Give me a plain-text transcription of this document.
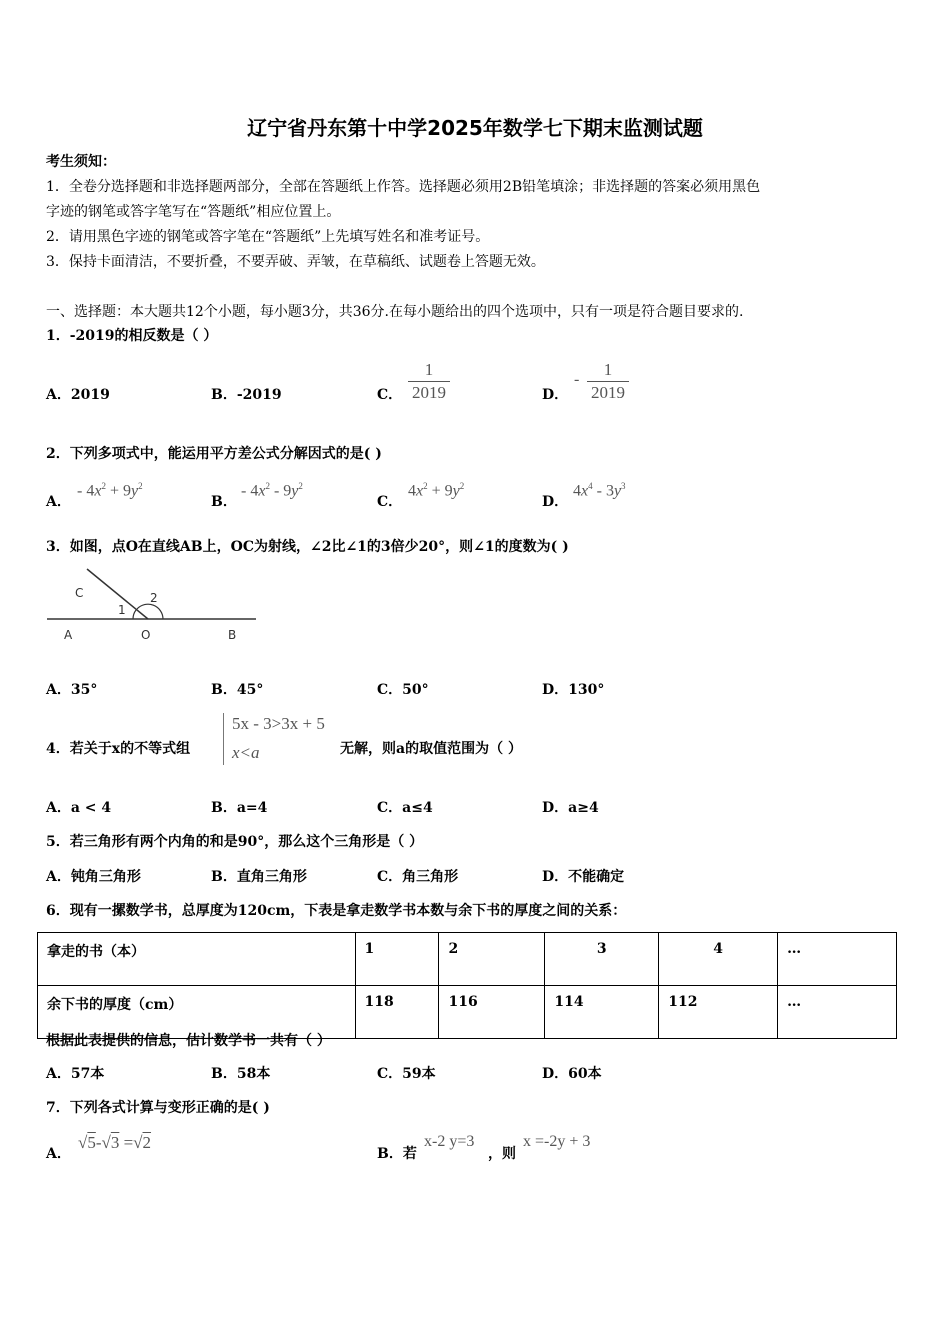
辽宁省丹东第十中学2025年数学七下期末监测试题
考生须知：
1．全卷分选择题和非选择题两部分，全部在答题纸上作答。选择题必须用2B铅笔填涂；非选择题的答案必须用黑色
字迹的钢笔或答字笔写在“答题纸”相应位置上。
2．请用黑色字迹的钢笔或答字笔在“答题纸”上先填写姓名和准考证号。
3．保持卡面清洁，不要折叠，不要弄破、弄皱，在草稿纸、试题卷上答题无效。
一、选择题：本大题共12个小题，每小题3分，共36分.在每小题给出的四个选项中，只有一项是符合题目要求的.
1．-2019的相反数是（ ）
A．2019	B．-2019	C．
1
2019	D．
-
1
2019
2．下列多项式中，能运用平方差公式分解因式的是( )
A．
- $4x^2 + 9y^2$
B．
- $4x^2 - 9y^2$
C．
$4x^2 + 9y^2$
D．
$4x^4 - 3y^3$
3．如图，点O在直线AB上，OC为射线，∠2比∠1的3倍少20°，则∠1的度数为( )
C	2
1
A	O	B
A．35°	B．45°	C．50°	D．130°
4．若关于x的不等式组
5x - 3>3x + 5
x<a	无解，则a的取值范围为（ ）
A．a < 4	B．a=4	C．a≤4	D．a≥4
5．若三角形有两个内角的和是90°，那么这个三角形是（ ）
A．钝角三角形	B．直角三角形	C．角三角形	D．不能确定
6．现有一摞数学书，总厚度为120cm，下表是拿走数学书本数与余下书的厚度之间的关系：
拿走的书（本）	1	2	3	4	…
余下书的厚度（cm）	118	116	114	112	…
根据此表提供的信息，估计数学书一共有（ ）
A．57本	B．58本	C．59本	D．60本
7．下列各式计算与变形正确的是( )
A．
√5-√3 =√2
B．若
x-2 y=3
，则
x =-2y + 3
